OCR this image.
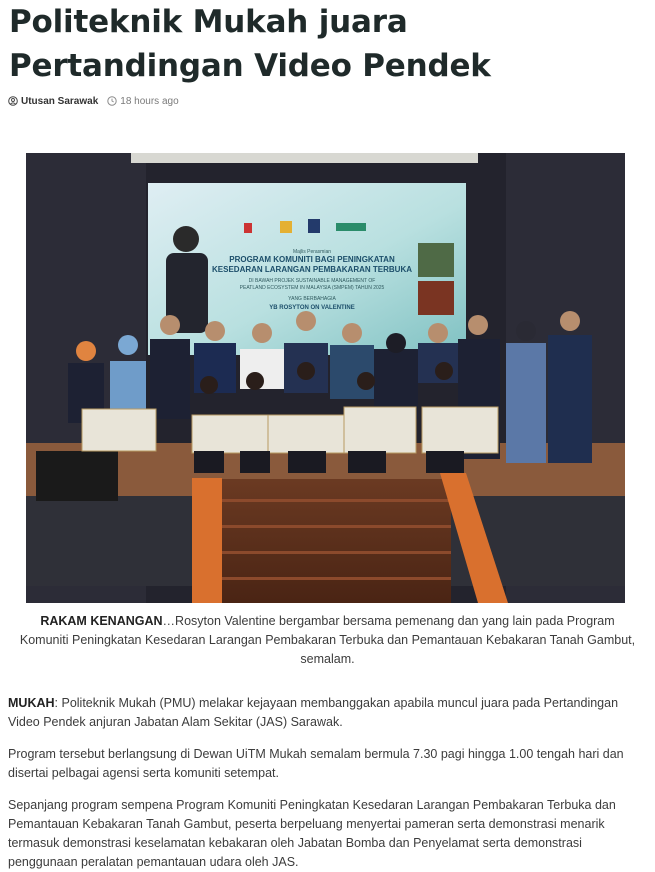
Politeknik Mukah juara Pertandingan Video Pendek
Utusan Sarawak 18 hours ago
Majlis Perasmian
PROGRAM KOMUNITI BAGI PENINGKATAN
KESEDARAN LARANGAN PEMBAKARAN TERBUKA
DI BAWAH PROJEK SUSTAINABLE MANAGEMENT OF
PEATLAND ECOSYSTEM IN MALAYSIA (SMPEM) TAHUN 2025
YANG BERBAHAGIA
YB ROSYTON ON VALENTINE

RAKAM KENANGAN…Rosyton Valentine bergambar bersama pemenang dan yang lain pada Program Komuniti Peningkatan Kesedaran Larangan Pembakaran Terbuka dan Pemantauan Kebakaran Tanah Gambut, semalam.

MUKAH: Politeknik Mukah (PMU) melakar kejayaan membanggakan apabila muncul juara pada Pertandingan Video Pendek anjuran Jabatan Alam Sekitar (JAS) Sarawak.

Program tersebut berlangsung di Dewan UiTM Mukah semalam bermula 7.30 pagi hingga 1.00 tengah hari dan disertai pelbagai agensi serta komuniti setempat.

Sepanjang program sempena Program Komuniti Peningkatan Kesedaran Larangan Pembakaran Terbuka dan Pemantauan Kebakaran Tanah Gambut, peserta berpeluang menyertai pameran serta demonstrasi menarik termasuk demonstrasi keselamatan kebakaran oleh Jabatan Bomba dan Penyelamat serta demonstrasi penggunaan peralatan pemantauan udara oleh JAS.
